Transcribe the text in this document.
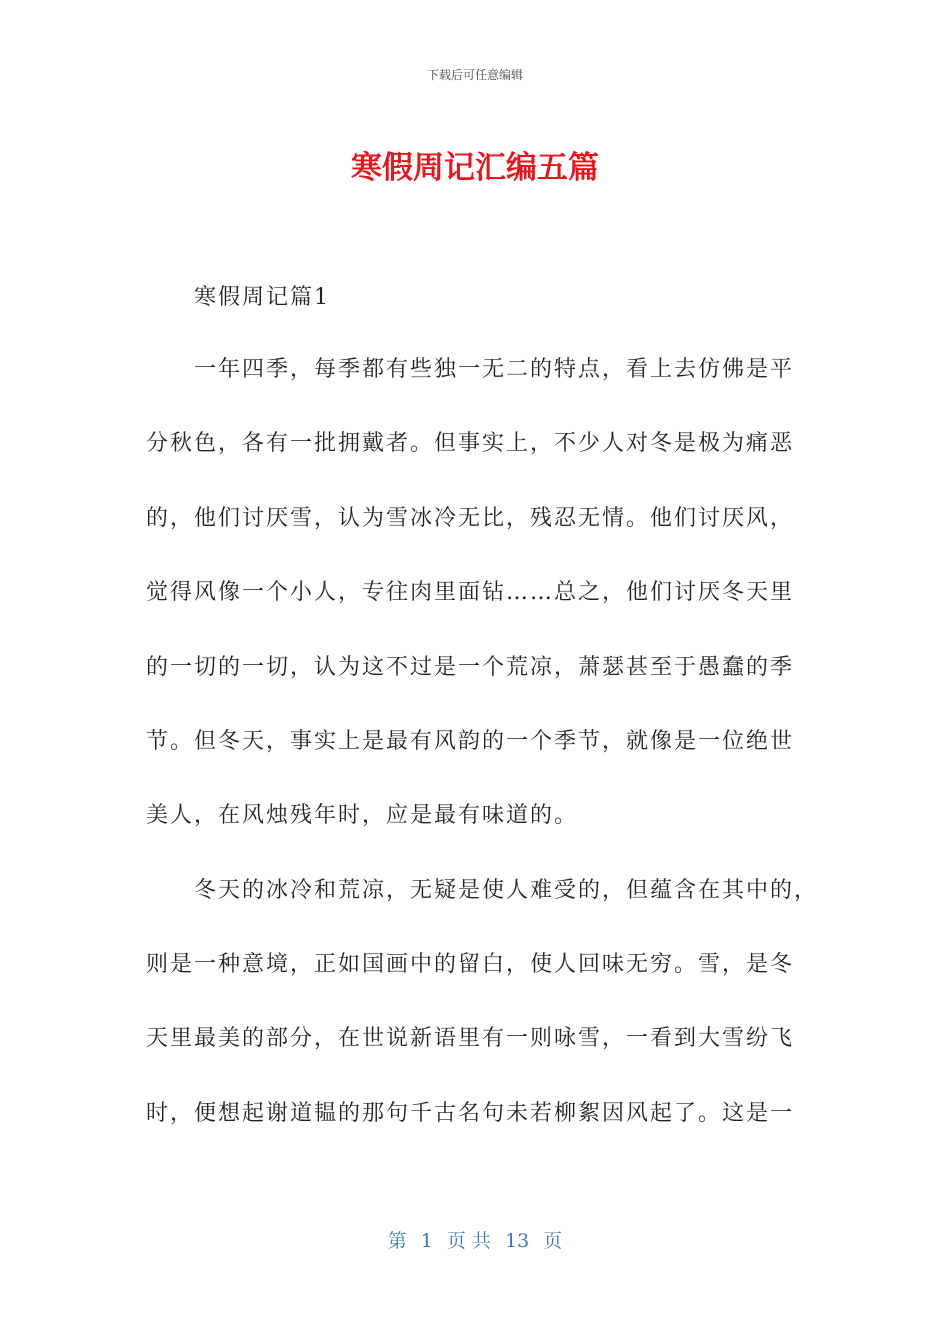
下载后可任意编辑
寒假周记汇编五篇
寒假周记篇1
一年四季，每季都有些独一无二的特点，看上去仿佛是平
分秋色，各有一批拥戴者。但事实上，不少人对冬是极为痛恶
的，他们讨厌雪，认为雪冰冷无比，残忍无情。他们讨厌风，
觉得风像一个小人，专往肉里面钻……总之，他们讨厌冬天里
的一切的一切，认为这不过是一个荒凉，萧瑟甚至于愚蠢的季
节。但冬天，事实上是最有风韵的一个季节，就像是一位绝世
美人，在风烛残年时，应是最有味道的。
冬天的冰冷和荒凉，无疑是使人难受的，但蕴含在其中的，
则是一种意境，正如国画中的留白，使人回味无穷。雪，是冬
天里最美的部分，在世说新语里有一则咏雪，一看到大雪纷飞
时，便想起谢道韫的那句千古名句未若柳絮因风起了。这是一
第 1 页 共 13 页
